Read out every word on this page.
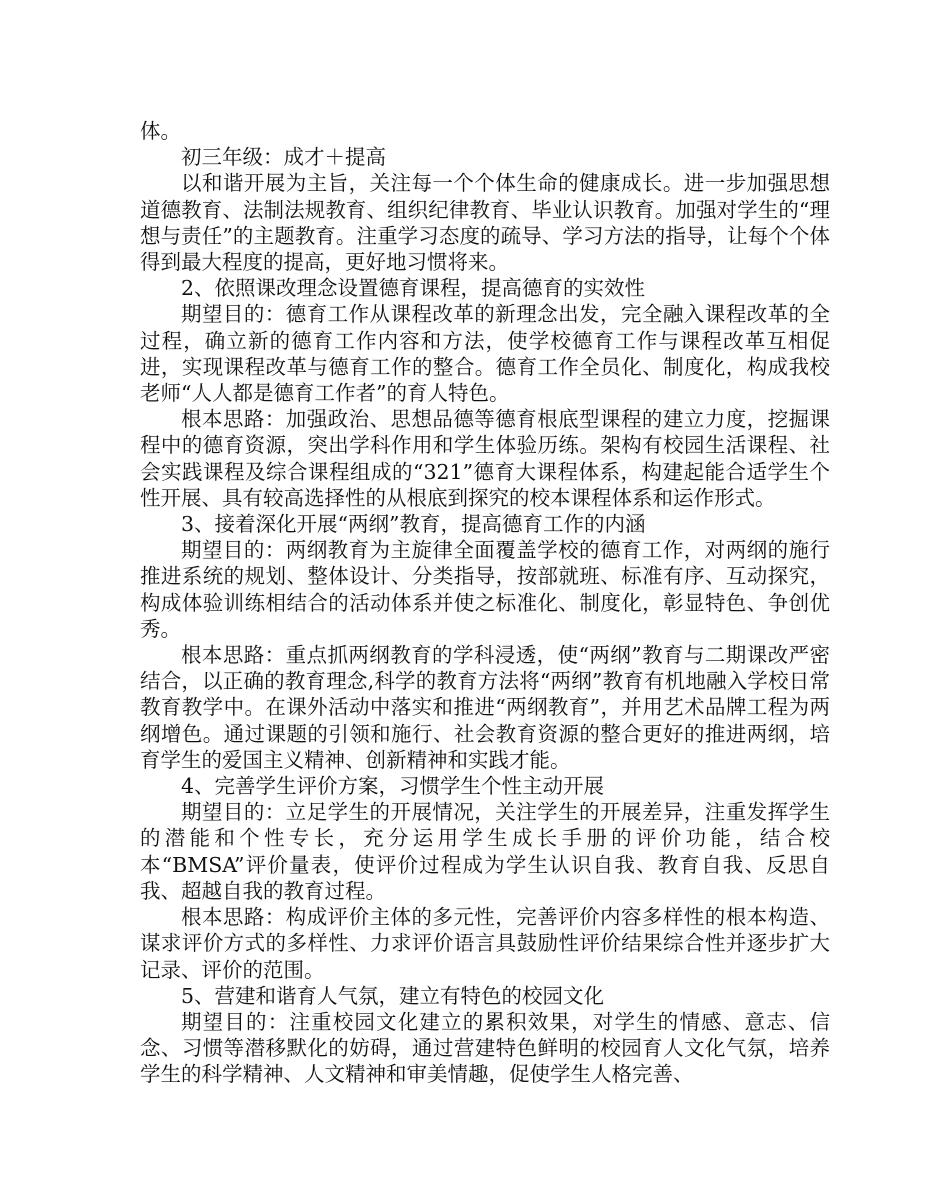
体。

初三年级：成才＋提高

以和谐开展为主旨，关注每一个个体生命的健康成长。进一步加强思想道德教育、法制法规教育、组织纪律教育、毕业认识教育。加强对学生的“理想与责任”的主题教育。注重学习态度的疏导、学习方法的指导，让每个个体得到最大程度的提高，更好地习惯将来。

2、依照课改理念设置德育课程，提高德育的实效性

期望目的：德育工作从课程改革的新理念出发，完全融入课程改革的全过程，确立新的德育工作内容和方法，使学校德育工作与课程改革互相促进，实现课程改革与德育工作的整合。德育工作全员化、制度化，构成我校老师“人人都是德育工作者”的育人特色。

根本思路：加强政治、思想品德等德育根底型课程的建立力度，挖掘课程中的德育资源，突出学科作用和学生体验历练。架构有校园生活课程、社会实践课程及综合课程组成的“321”德育大课程体系，构建起能合适学生个性开展、具有较高选择性的从根底到探究的校本课程体系和运作形式。

3、接着深化开展“两纲”教育，提高德育工作的内涵

期望目的：两纲教育为主旋律全面覆盖学校的德育工作，对两纲的施行推进系统的规划、整体设计、分类指导，按部就班、标准有序、互动探究，构成体验训练相结合的活动体系并使之标准化、制度化，彰显特色、争创优秀。

根本思路：重点抓两纲教育的学科浸透，使“两纲”教育与二期课改严密结合，以正确的教育理念,科学的教育方法将“两纲”教育有机地融入学校日常教育教学中。在课外活动中落实和推进“两纲教育”，并用艺术品牌工程为两纲增色。通过课题的引领和施行、社会教育资源的整合更好的推进两纲，培育学生的爱国主义精神、创新精神和实践才能。

4、完善学生评价方案，习惯学生个性主动开展

期望目的：立足学生的开展情况，关注学生的开展差异，注重发挥学生的潜能和个性专长，充分运用学生成长手册的评价功能，结合校本“BMSA”评价量表，使评价过程成为学生认识自我、教育自我、反思自我、超越自我的教育过程。

根本思路：构成评价主体的多元性，完善评价内容多样性的根本构造、谋求评价方式的多样性、力求评价语言具鼓励性评价结果综合性并逐步扩大记录、评价的范围。

5、营建和谐育人气氛，建立有特色的校园文化

期望目的：注重校园文化建立的累积效果，对学生的情感、意志、信念、习惯等潜移默化的妨碍，通过营建特色鲜明的校园育人文化气氛，培养学生的科学精神、人文精神和审美情趣，促使学生人格完善、
